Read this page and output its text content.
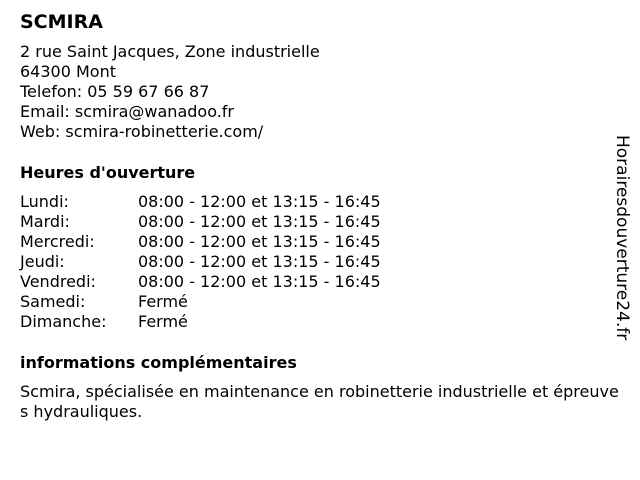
SCMIRA
2 rue Saint Jacques, Zone industrielle
64300 Mont
Telefon: 05 59 67 66 87
Email: scmira@wanadoo.fr
Web: scmira-robinetterie.com/
Heures d'ouverture
Lundi:	08:00 - 12:00 et 13:15 - 16:45
Mardi:	08:00 - 12:00 et 13:15 - 16:45
Mercredi:	08:00 - 12:00 et 13:15 - 16:45
Jeudi:	08:00 - 12:00 et 13:15 - 16:45
Vendredi:	08:00 - 12:00 et 13:15 - 16:45
Samedi:	Fermé
Dimanche:	Fermé
informations complémentaires
Scmira, spécialisée en maintenance en robinetterie industrielle et épreuves hydrauliques.
Horairesdouverture24.fr
